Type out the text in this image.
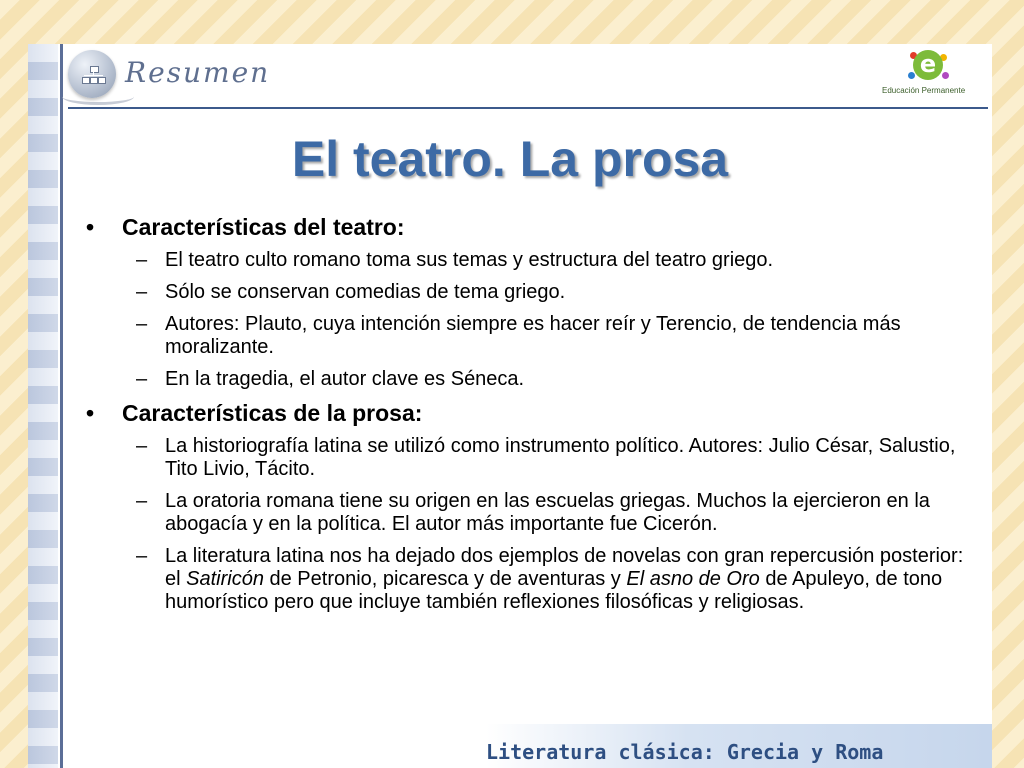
Resumen	e
Educación Permanente
El teatro. La prosa

• Características del teatro:

– El teatro culto romano toma sus temas y estructura del teatro griego.

– Sólo se conservan comedias de tema griego.

– Autores: Plauto, cuya intención siempre es hacer reír y Terencio, de tendencia más moralizante.

– En la tragedia, el autor clave es Séneca.

• Características de la prosa:

– La historiografía latina se utilizó como instrumento político. Autores: Julio César, Salustio, Tito Livio, Tácito.

– La oratoria romana tiene su origen en las escuelas griegas. Muchos la ejercieron en la abogacía y en la política. El autor más importante fue Cicerón.

– La literatura latina nos ha dejado dos ejemplos de novelas con gran repercusión posterior: el Satiricón de Petronio, picaresca y de aventuras y El asno de Oro de Apuleyo, de tono humorístico pero que incluye también reflexiones filosóficas y religiosas.

Literatura clásica: Grecia y Roma
